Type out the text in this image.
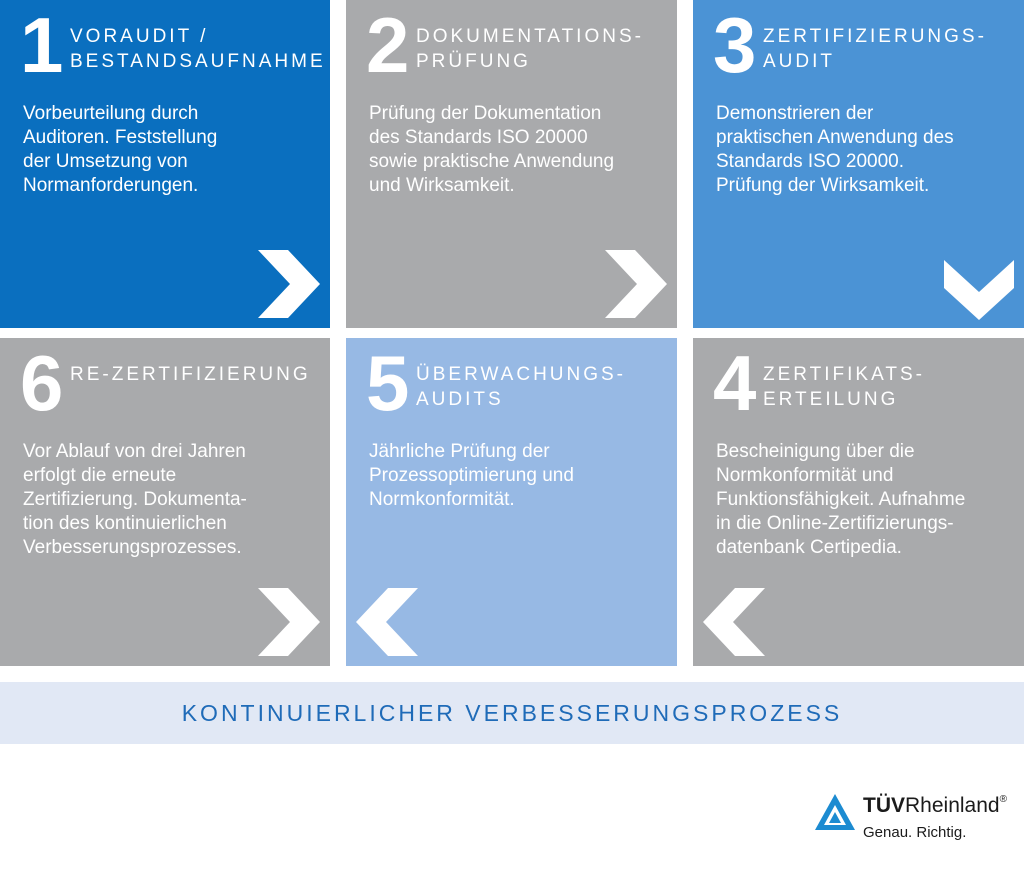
1 VORAUDIT /
BESTANDSAUFNAHME
Vorbeurteilung durch
Auditoren. Feststellung
der Umsetzung von
Normanforderungen.
2 DOKUMENTATIONS-
PRÜFUNG
Prüfung der Dokumentation
des Standards ISO 20000
sowie praktische Anwendung
und Wirksamkeit.
3 ZERTIFIZIERUNGS-
AUDIT
Demonstrieren der
praktischen Anwendung des
Standards ISO 20000.
Prüfung der Wirksamkeit.
6 RE-ZERTIFIZIERUNG
Vor Ablauf von drei Jahren
erfolgt die erneute
Zertifizierung. Dokumenta-
tion des kontinuierlichen
Verbesserungsprozesses.
5 ÜBERWACHUNGS-
AUDITS
Jährliche Prüfung der
Prozessoptimierung und
Normkonformität.
4 ZERTIFIKATS-
ERTEILUNG
Bescheinigung über die
Normkonformität und
Funktionsfähigkeit. Aufnahme
in die Online-Zertifizierungs-
datenbank Certipedia.
KONTINUIERLICHER VERBESSERUNGSPROZESS
TÜVRheinland®
Genau. Richtig.
